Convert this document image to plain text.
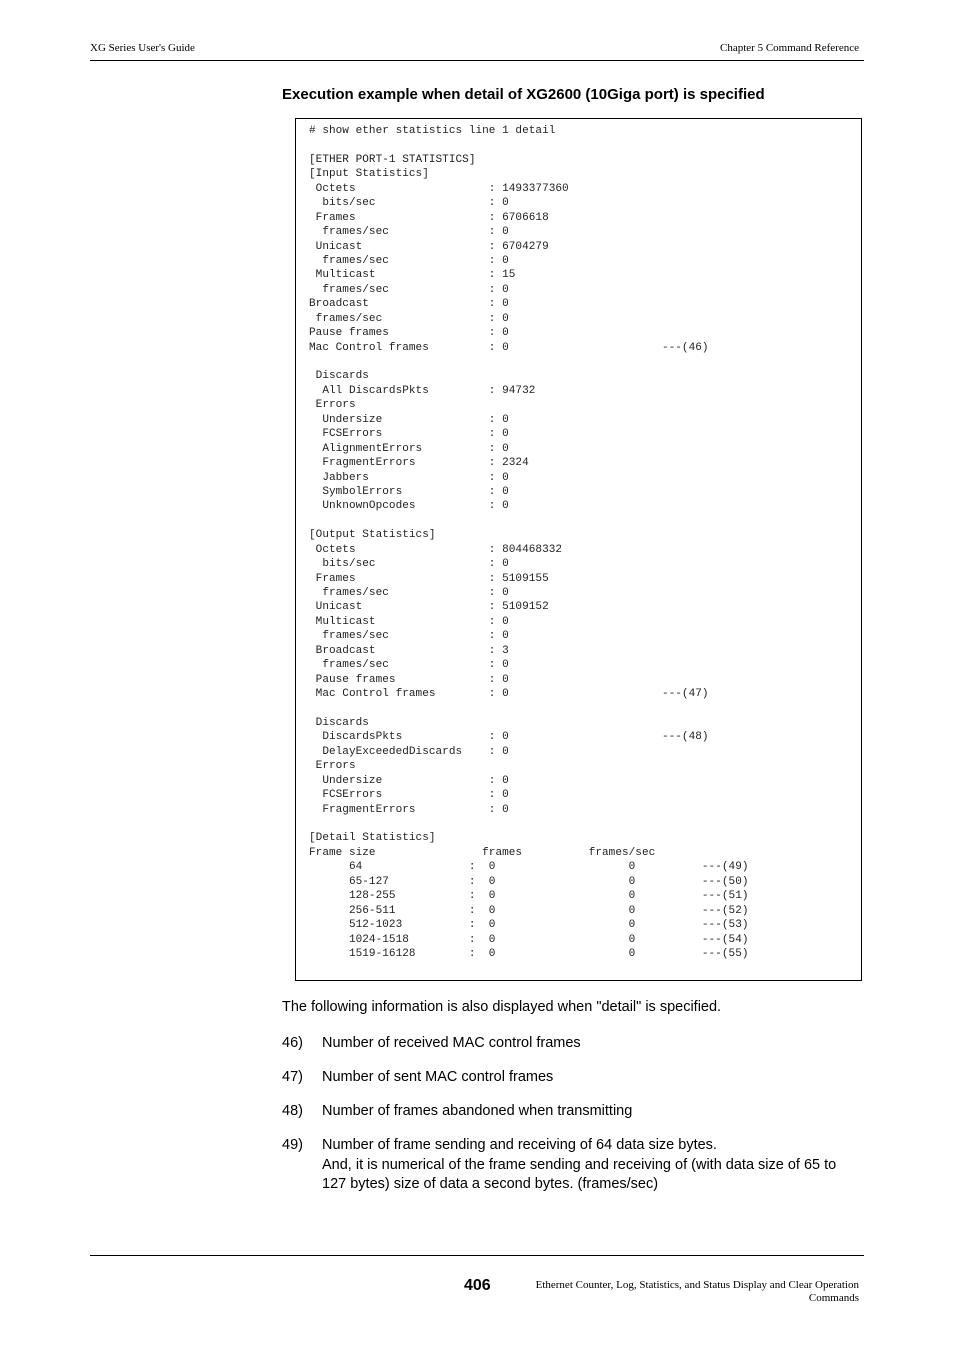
XG Series User's Guide	Chapter 5 Command Reference
Execution example when detail of XG2600 (10Giga port) is specified
# show ether statistics line 1 detail

[ETHER PORT-1 STATISTICS]
[Input Statistics]
Octets                    : 1493377360
bits/sec                 : 0
Frames                    : 6706618
frames/sec               : 0
Unicast                   : 6704279
frames/sec               : 0
Multicast                 : 15
frames/sec               : 0
Broadcast                  : 0
frames/sec                : 0
Pause frames               : 0
Mac Control frames         : 0                       ---(46)

Discards
All DiscardsPkts         : 94732
Errors
Undersize                : 0
FCSErrors                : 0
AlignmentErrors          : 0
FragmentErrors           : 2324
Jabbers                  : 0
SymbolErrors             : 0
UnknownOpcodes           : 0

[Output Statistics]
Octets                    : 804468332
bits/sec                 : 0
Frames                    : 5109155
frames/sec               : 0
Unicast                   : 5109152
Multicast                 : 0
frames/sec               : 0
Broadcast                 : 3
frames/sec               : 0
Pause frames              : 0
Mac Control frames        : 0                       ---(47)

Discards
DiscardsPkts             : 0                       ---(48)
DelayExceededDiscards    : 0
Errors
Undersize                : 0
FCSErrors                : 0
FragmentErrors           : 0

[Detail Statistics]
Frame size                frames          frames/sec
64                :  0                    0          ---(49)
65-127            :  0                    0          ---(50)
128-255           :  0                    0          ---(51)
256-511           :  0                    0          ---(52)
512-1023          :  0                    0          ---(53)
1024-1518         :  0                    0          ---(54)
1519-16128        :  0                    0          ---(55)
The following information is also displayed when "detail" is specified.
46)	Number of received MAC control frames
47)	Number of sent MAC control frames
48)	Number of frames abandoned when transmitting
49)	Number of frame sending and receiving of 64 data size bytes.
And, it is numerical of the frame sending and receiving of (with data size of 65 to 127 bytes) size of data a second bytes. (frames/sec)
406	Ethernet Counter, Log, Statistics, and Status Display and Clear Operation
Commands
